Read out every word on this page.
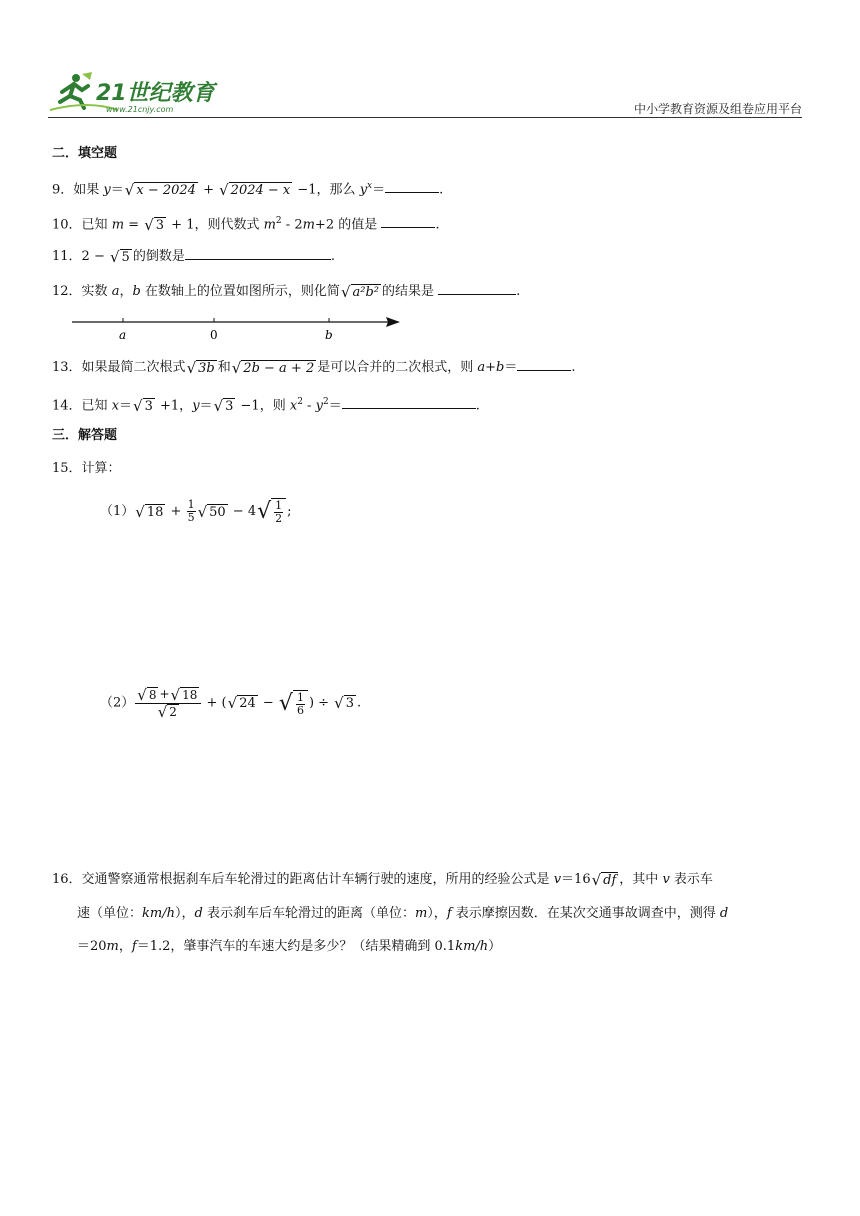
21世纪教育
www.21cnjy.com	中小学教育资源及组卷应用平台
二．填空题
9．如果 y＝ √ x − 2024 + √ 2024 − x −1，那么 $y^x=$	.
10．已知 m = √ 3 + 1，则代数式 $m^2 - 2m+2$ 的值是	.
11．2 − √ 5 的倒数是	.
12．实数 a，b 在数轴上的位置如图所示，则化简 √ a²b² 的结果是	.
a	0	b
13．如果最简二次根式 √ 3b 和 √ 2b − a + 2 是可以合并的二次根式，则 a+b＝	.
14．已知 x＝ √ 3 +1，y＝ √ 3 −1，则 $x^2 - y^2=$	.
三．解答题
15．计算：
（1） √ $18 + \frac{1}{5}$ √ 50 − 4 √ $\frac{1}{2}$ ;
$(2) \frac{√ 8 + √ 18}{√ 2}$ + ( √ 24 − √ $\frac{1}{6}$ ) ÷ √ 3 .
16．交通警察通常根据刹车后车轮滑过的距离估计车辆行驶的速度，所用的经验公式是 v＝16 √ df ，其中 v 表示车
速（单位：km/h），d 表示刹车后车轮滑过的距离（单位：m），f 表示摩擦因数．在某次交通事故调查中，测得 d
＝20m，f＝1.2，肇事汽车的车速大约是多少？（结果精确到 0.1km/h）
